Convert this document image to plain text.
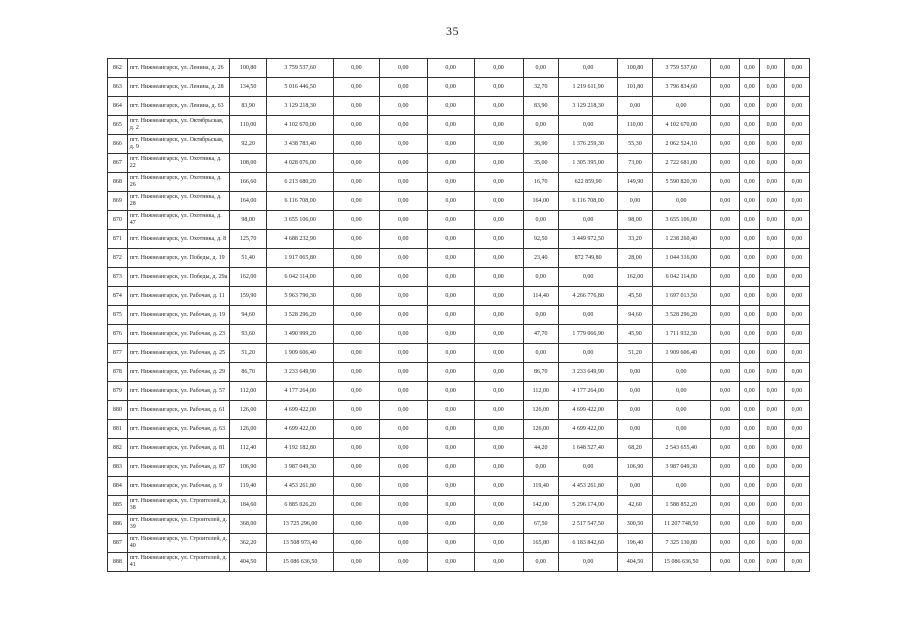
35
862	пгт. Нижнеангарск, ул. Ленина, д. 26	100,80	3 759 537,60	0,00	0,00	0,00	0,00	0,00	0,00	100,80	3 759 537,60	0,00	0,00	0,00	0,00
863	пгт. Нижнеангарск, ул. Ленина, д. 28	134,50	5 016 446,50	0,00	0,00	0,00	0,00	32,70	1 219 611,90	101,80	3 796 834,60	0,00	0,00	0,00	0,00
864	пгт. Нижнеангарск, ул. Ленина, д. 63	83,90	3 129 218,30	0,00	0,00	0,00	0,00	83,90	3 129 218,30	0,00	0,00	0,00	0,00	0,00	0,00
865	пгт. Нижнеангарск, ул. Октябрьская, д. 2	110,00	4 102 670,00	0,00	0,00	0,00	0,00	0,00	0,00	110,00	4 102 670,00	0,00	0,00	0,00	0,00
866	пгт. Нижнеангарск, ул. Октябрьская, д. 9	92,20	3 438 783,40	0,00	0,00	0,00	0,00	36,90	1 376 259,30	55,30	2 062 524,10	0,00	0,00	0,00	0,00
867	пгт. Нижнеангарск, ул. Охотника, д. 22	108,00	4 028 076,00	0,00	0,00	0,00	0,00	35,00	1 305 395,00	73,00	2 722 681,00	0,00	0,00	0,00	0,00
868	пгт. Нижнеангарск, ул. Охотника, д. 26	166,60	6 213 680,20	0,00	0,00	0,00	0,00	16,70	622 859,90	149,90	5 590 820,30	0,00	0,00	0,00	0,00
869	пгт. Нижнеангарск, ул. Охотника, д. 28	164,00	6 116 708,00	0,00	0,00	0,00	0,00	164,00	6 116 708,00	0,00	0,00	0,00	0,00	0,00	0,00
870	пгт. Нижнеангарск, ул. Охотника, д. 47	98,00	3 655 106,00	0,00	0,00	0,00	0,00	0,00	0,00	98,00	3 655 106,00	0,00	0,00	0,00	0,00
871	пгт. Нижнеангарск, ул. Охотника, д. 8	125,70	4 688 232,90	0,00	0,00	0,00	0,00	92,50	3 449 972,50	33,20	1 238 260,40	0,00	0,00	0,00	0,00
872	пгт. Нижнеангарск, ул. Победы, д. 19	51,40	1 917 065,80	0,00	0,00	0,00	0,00	23,40	872 749,80	28,00	1 044 316,00	0,00	0,00	0,00	0,00
873	пгт. Нижнеангарск, ул. Победы, д. 29а	162,00	6 042 114,00	0,00	0,00	0,00	0,00	0,00	0,00	162,00	6 042 114,00	0,00	0,00	0,00	0,00
874	пгт. Нижнеангарск, ул. Рабочая, д. 11	159,90	5 963 790,30	0,00	0,00	0,00	0,00	114,40	4 266 776,80	45,50	1 697 013,50	0,00	0,00	0,00	0,00
875	пгт. Нижнеангарск, ул. Рабочая, д. 19	94,60	3 528 296,20	0,00	0,00	0,00	0,00	0,00	0,00	94,60	3 528 296,20	0,00	0,00	0,00	0,00
876	пгт. Нижнеангарск, ул. Рабочая, д. 23	93,60	3 490 999,20	0,00	0,00	0,00	0,00	47,70	1 779 066,90	45,90	1 711 932,30	0,00	0,00	0,00	0,00
877	пгт. Нижнеангарск, ул. Рабочая, д. 25	51,20	1 909 606,40	0,00	0,00	0,00	0,00	0,00	0,00	51,20	1 909 606,40	0,00	0,00	0,00	0,00
878	пгт. Нижнеангарск, ул. Рабочая, д. 29	86,70	3 233 649,90	0,00	0,00	0,00	0,00	86,70	3 233 649,90	0,00	0,00	0,00	0,00	0,00	0,00
879	пгт. Нижнеангарск, ул. Рабочая, д. 57	112,00	4 177 264,00	0,00	0,00	0,00	0,00	112,00	4 177 264,00	0,00	0,00	0,00	0,00	0,00	0,00
880	пгт. Нижнеангарск, ул. Рабочая, д. 61	126,00	4 699 422,00	0,00	0,00	0,00	0,00	126,00	4 699 422,00	0,00	0,00	0,00	0,00	0,00	0,00
881	пгт. Нижнеангарск, ул. Рабочая, д. 63	126,00	4 699 422,00	0,00	0,00	0,00	0,00	126,00	4 699 422,00	0,00	0,00	0,00	0,00	0,00	0,00
882	пгт. Нижнеангарск, ул. Рабочая, д. 81	112,40	4 192 182,80	0,00	0,00	0,00	0,00	44,20	1 648 527,40	68,20	2 543 655,40	0,00	0,00	0,00	0,00
883	пгт. Нижнеангарск, ул. Рабочая, д. 87	106,90	3 987 049,30	0,00	0,00	0,00	0,00	0,00	0,00	106,90	3 987 049,30	0,00	0,00	0,00	0,00
884	пгт. Нижнеангарск, ул. Рабочая, д. 9	119,40	4 453 261,80	0,00	0,00	0,00	0,00	119,40	4 453 261,80	0,00	0,00	0,00	0,00	0,00	0,00
885	пгт. Нижнеангарск, ул. Строителей, д. 38	184,60	6 885 026,20	0,00	0,00	0,00	0,00	142,00	5 296 174,00	42,60	1 588 852,20	0,00	0,00	0,00	0,00
886	пгт. Нижнеангарск, ул. Строителей, д. 39	368,00	13 725 296,00	0,00	0,00	0,00	0,00	67,50	2 517 547,50	300,50	11 207 748,50	0,00	0,00	0,00	0,00
887	пгт. Нижнеангарск, ул. Строителей, д. 40	362,20	13 508 973,40	0,00	0,00	0,00	0,00	165,80	6 183 842,60	196,40	7 325 130,80	0,00	0,00	0,00	0,00
888	пгт. Нижнеангарск, ул. Строителей, д. 41	404,50	15 086 636,50	0,00	0,00	0,00	0,00	0,00	0,00	404,50	15 086 636,50	0,00	0,00	0,00	0,00
